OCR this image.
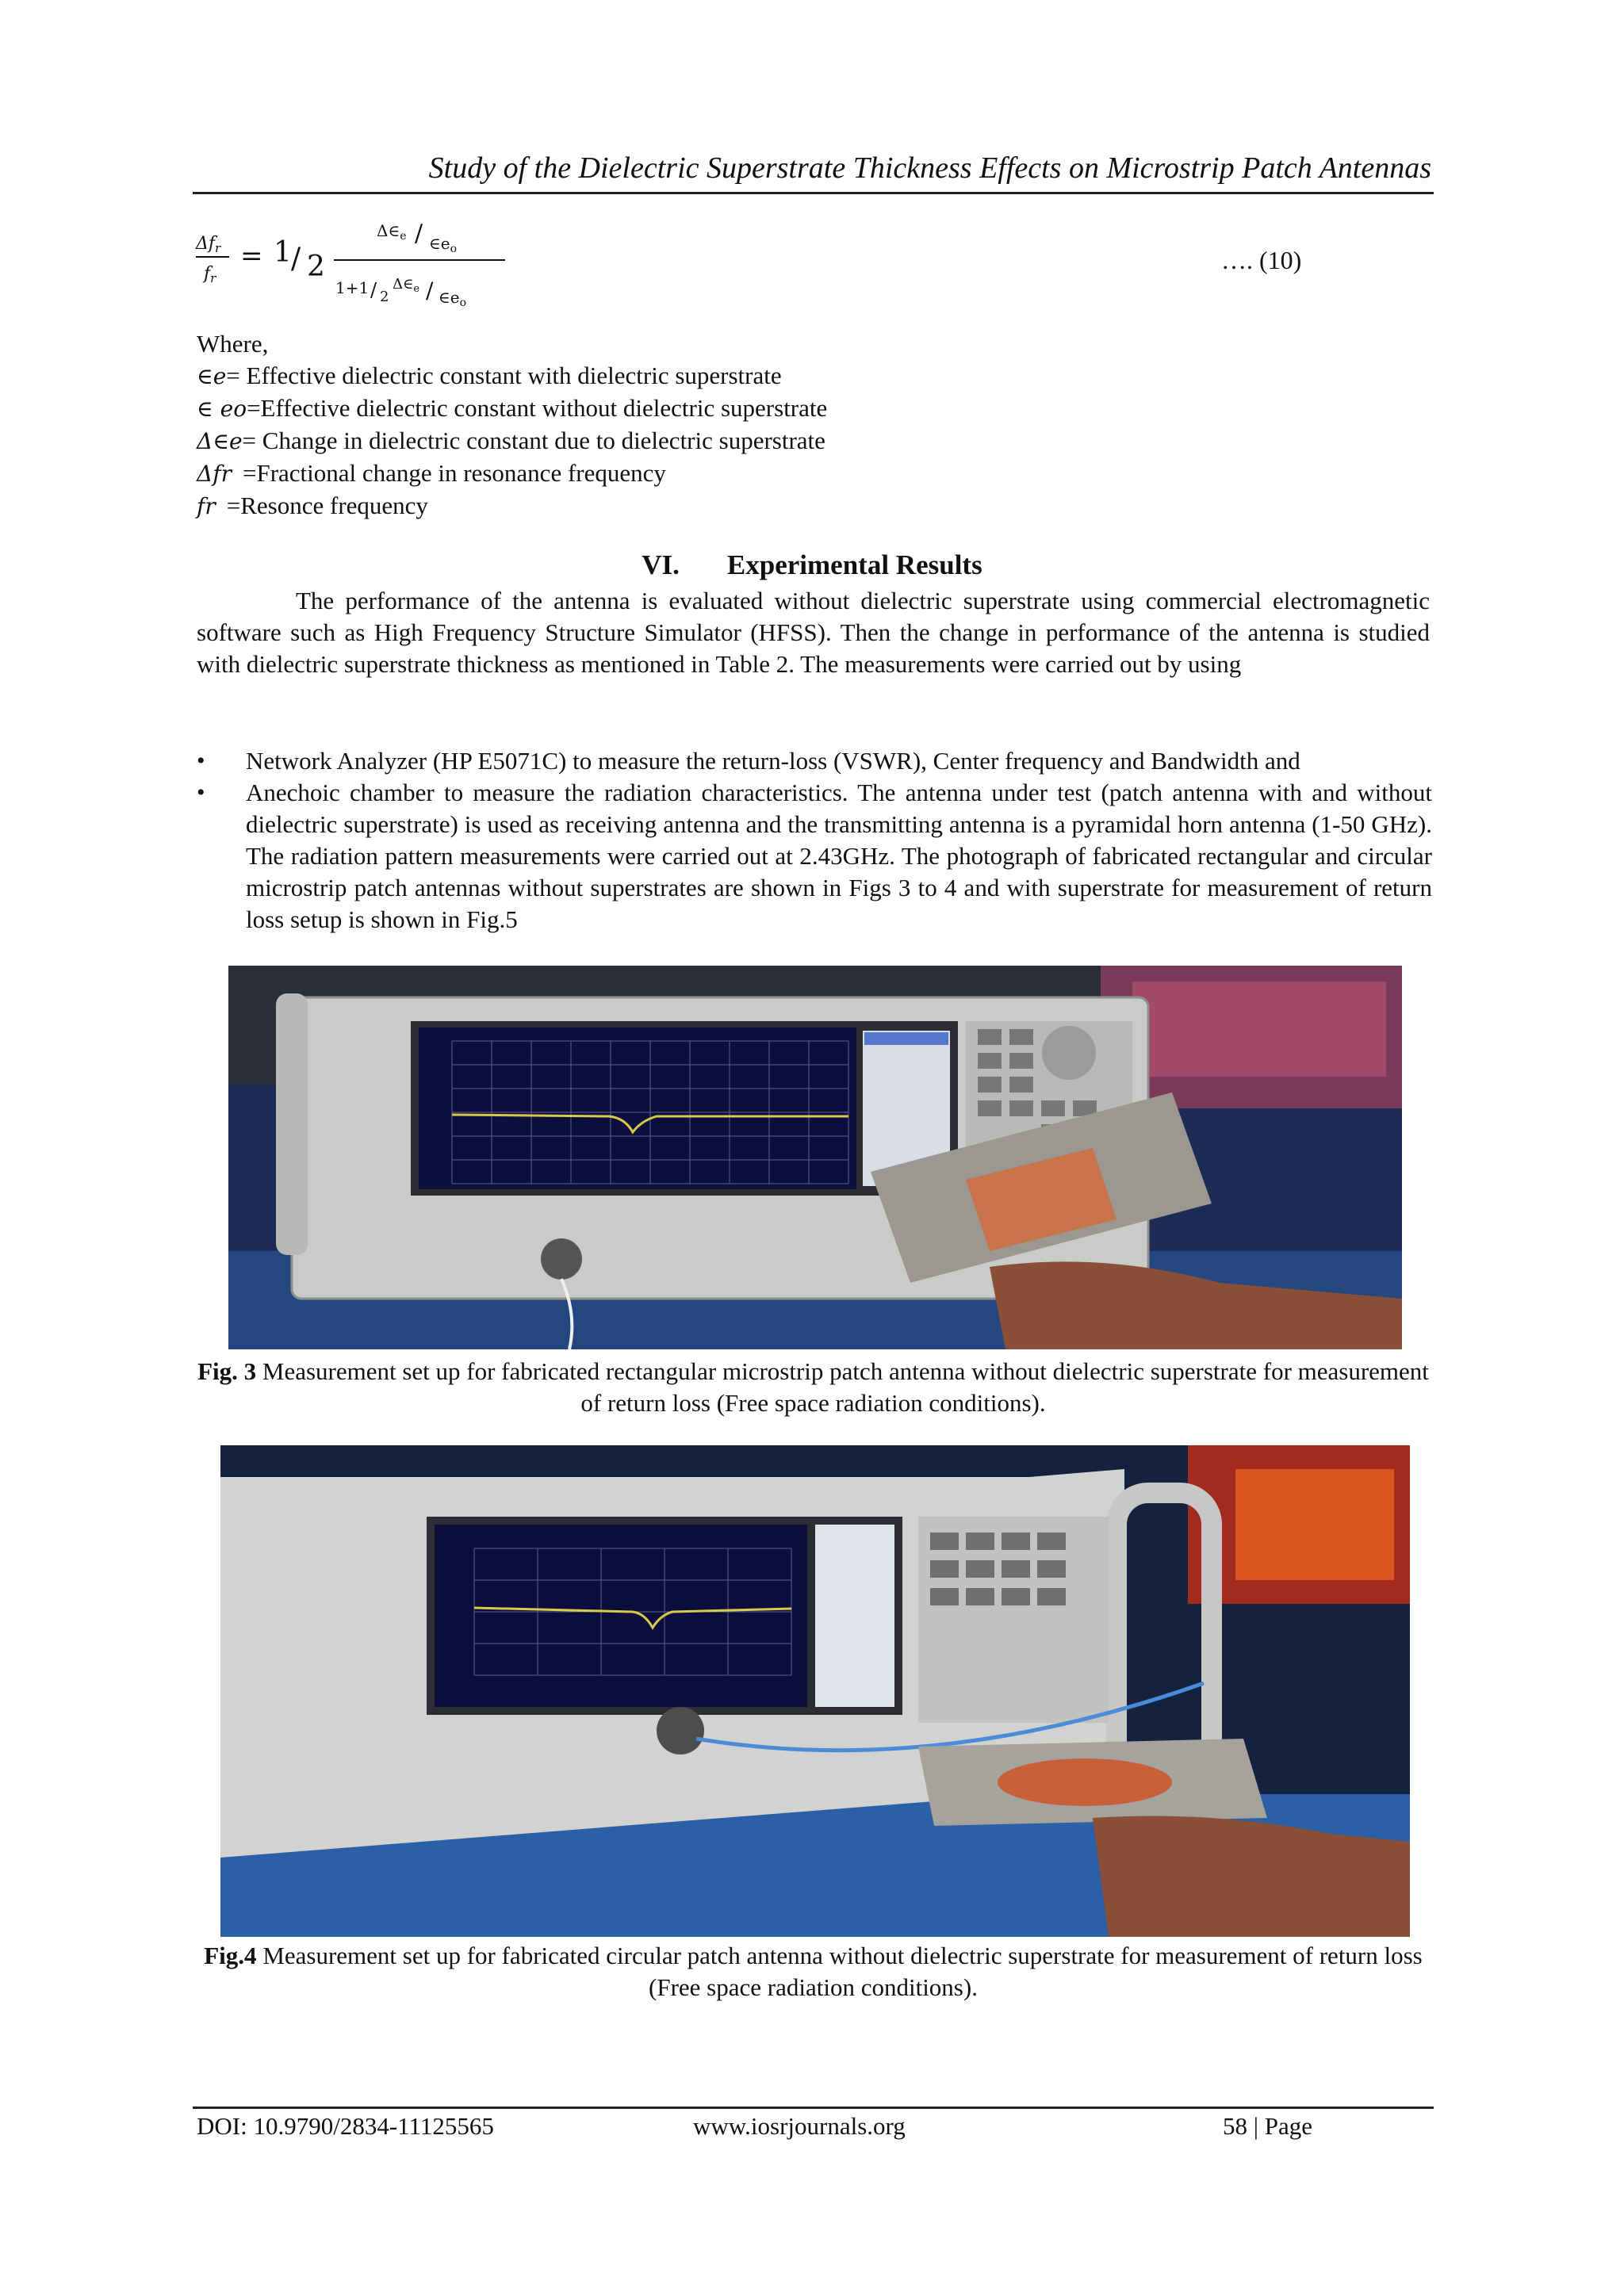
Study of the Dielectric Superstrate Thickness Effects on Microstrip Patch Antennas
Δfr
fr
= 1 / 2
$\Delta\in_e$ / $\in e_o$
1+1 / 2
$\Delta\in_e$ / $\in e_o$
…. (10)
Where,
∈e= Effective dielectric constant with dielectric superstrate
∈ eo=Effective dielectric constant without dielectric superstrate
Δ∈e= Change in dielectric constant due to dielectric superstrate
Δfr =Fractional change in resonance frequency
fr =Resonce frequency
VI. Experimental Results
The performance of the antenna is evaluated without dielectric superstrate using commercial electromagnetic software such as High Frequency Structure Simulator (HFSS). Then the change in performance of the antenna is studied with dielectric superstrate thickness as mentioned in Table 2. The measurements were carried out by using
•	Network Analyzer (HP E5071C) to measure the return-loss (VSWR), Center frequency and Bandwidth and
•	Anechoic chamber to measure the radiation characteristics. The antenna under test (patch antenna with and without dielectric superstrate) is used as receiving antenna and the transmitting antenna is a pyramidal horn antenna (1-50 GHz). The radiation pattern measurements were carried out at 2.43GHz. The photograph of fabricated rectangular and circular microstrip patch antennas without superstrates are shown in Figs 3 to 4 and with superstrate for measurement of return loss setup is shown in Fig.5
Fig. 3 Measurement set up for fabricated rectangular microstrip patch antenna without dielectric superstrate for measurement of return loss (Free space radiation conditions).
Fig.4 Measurement set up for fabricated circular patch antenna without dielectric superstrate for measurement of return loss (Free space radiation conditions).
DOI: 10.9790/2834-11125565	www.iosrjournals.org	58 | Page
